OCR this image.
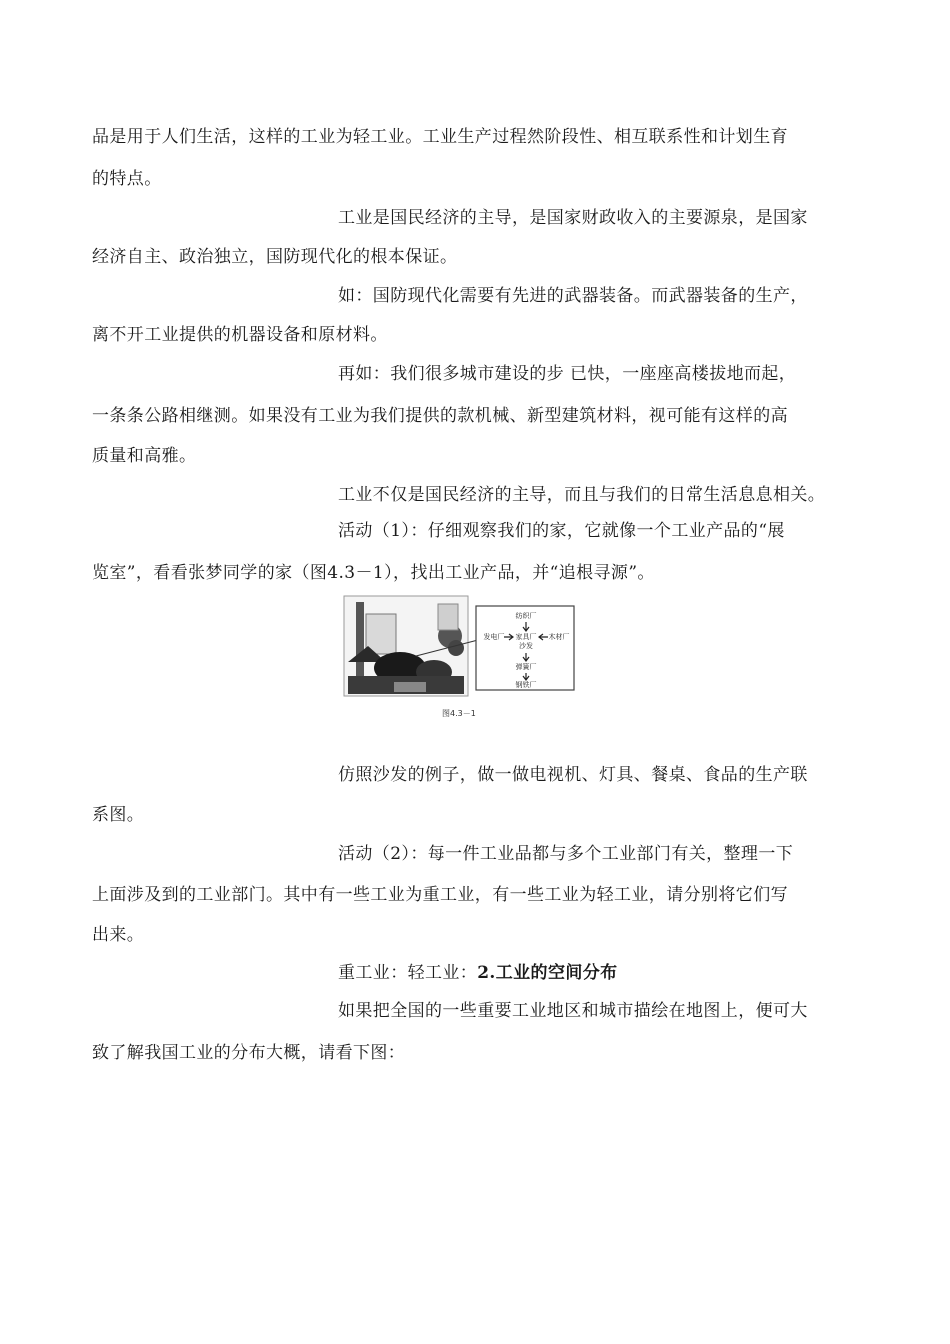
品是用于人们生活，这样的工业为轻工业。工业生产过程然阶段性、相互联系性和计划生育
的特点。
工业是国民经济的主导，是国家财政收入的主要源泉，是国家
经济自主、政治独立，国防现代化的根本保证。
如：国防现代化需要有先进的武器装备。而武器装备的生产，
离不开工业提供的机器设备和原材料。
再如：我们很多城市建设的步 已快，一座座高楼拔地而起，
一条条公路相继测。如果没有工业为我们提供的款机械、新型建筑材料，视可能有这样的高
质量和高雅。
工业不仅是国民经济的主导，而且与我们的日常生活息息相关。
活动（1）：仔细观察我们的家，它就像一个工业产品的“展
览室”，看看张梦同学的家（图4.3－1），找出工业产品，并“追根寻源”。
纺织厂
家具厂
沙发
发电厂	木材厂
弹簧厂
钢铁厂
图4.3－1
仿照沙发的例子，做一做电视机、灯具、餐桌、食品的生产联
系图。
活动（2）：每一件工业品都与多个工业部门有关，整理一下
上面涉及到的工业部门。其中有一些工业为重工业，有一些工业为轻工业，请分别将它们写
出来。
重工业：轻工业：2.工业的空间分布
如果把全国的一些重要工业地区和城市描绘在地图上，便可大
致了解我国工业的分布大概，请看下图：
